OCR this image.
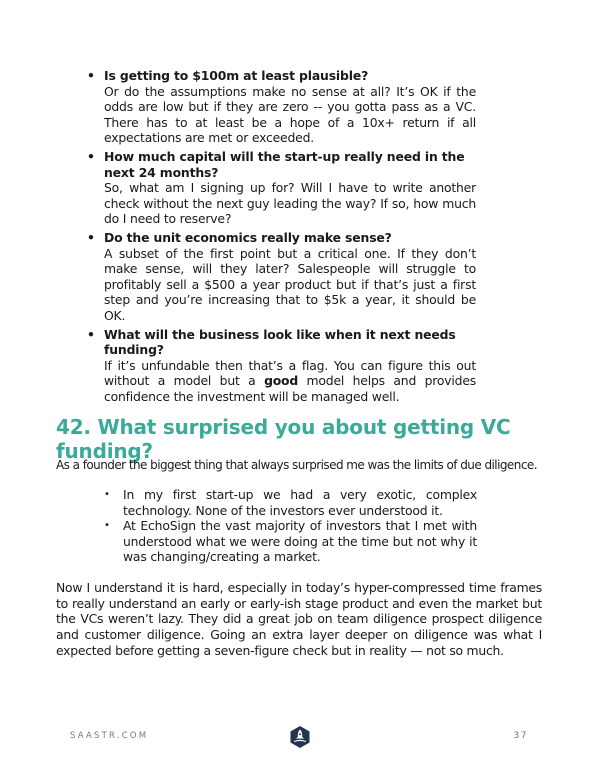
• Is getting to $100m at least plausible?
Or do the assumptions make no sense at all? It’s OK if the odds are low but if they are zero -- you gotta pass as a VC. There has to at least be a hope of a 10x+ return if all expectations are met or exceeded.
• How much capital will the start-up really need in the next 24 months?
So, what am I signing up for? Will I have to write another check without the next guy leading the way? If so, how much do I need to reserve?
• Do the unit economics really make sense?
A subset of the first point but a critical one. If they don’t make sense, will they later? Salespeople will struggle to profitably sell a $500 a year product but if that’s just a first step and you’re increasing that to $5k a year, it should be OK.
• What will the business look like when it next needs funding?
If it’s unfundable then that’s a flag. You can figure this out without a model but a good model helps and provides confidence the investment will be managed well.
42. What surprised you about getting VC funding?

As a founder the biggest thing that always surprised me was the limits of due diligence.

• In my first start-up we had a very exotic, complex technology. None of the investors ever understood it.
• At EchoSign the vast majority of investors that I met with understood what we were doing at the time but not why it was changing/creating a market.

Now I understand it is hard, especially in today’s hyper-compressed time frames to really understand an early or early-ish stage product and even the market but the VCs weren’t lazy. They did a great job on team diligence prospect diligence and customer diligence. Going an extra layer deeper on diligence was what I expected before getting a seven-figure check but in reality — not so much.

SAASTR.COM	37
